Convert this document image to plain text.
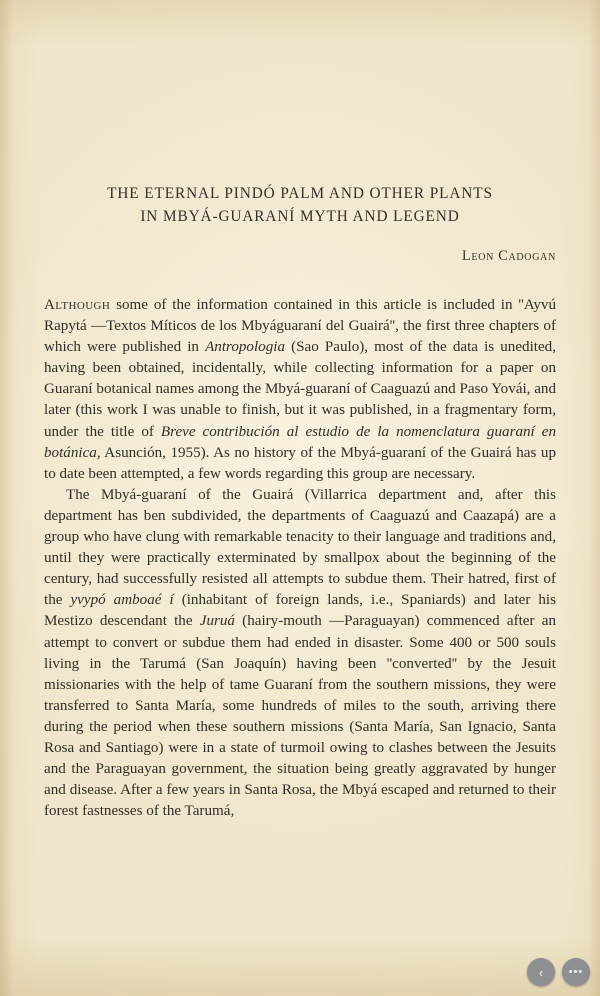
THE ETERNAL PINDÓ PALM AND OTHER PLANTS
IN MBYÁ-GUARANÍ MYTH AND LEGEND
Leon Cadogan

Although some of the information contained in this article is included in ''Ayvú Rapytá —Textos Míticos de los Mbyáguaraní del Guairá'', the first three chapters of which were published in Antropologia (Sao Paulo), most of the data is unedited, having been obtained, incidentally, while collecting information for a paper on Guaraní botanical names among the Mbyá-guaraní of Caaguazú and Paso Yovái, and later (this work I was unable to finish, but it was published, in a fragmentary form, under the title of Breve contribución al estudio de la nomenclatura guaraní en botánica, Asunción, 1955). As no history of the Mbyá-guaraní of the Guairá has up to date been attempted, a few words regarding this group are necessary.

The Mbyá-guaraní of the Guairá (Villarrica department and, after this department has ben subdivided, the departments of Caaguazú and Caazapá) are a group who have clung with remarkable tenacity to their language and traditions and, until they were practically exterminated by smallpox about the beginning of the century, had successfully resisted all attempts to subdue them. Their hatred, first of the yvypó amboaé í (inhabitant of foreign lands, i.e., Spaniards) and later his Mestizo descendant the Juruá (hairy-mouth —Paraguayan) commenced after an attempt to convert or subdue them had ended in disaster. Some 400 or 500 souls living in the Tarumá (San Joaquín) having been ''converted'' by the Jesuit missionaries with the help of tame Guaraní from the southern missions, they were transferred to Santa María, some hundreds of miles to the south, arriving there during the period when these southern missions (Santa María, San Ignacio, Santa Rosa and Santiago) were in a state of turmoil owing to clashes between the Jesuits and the Paraguayan government, the situation being greatly aggravated by hunger and disease. After a few years in Santa Rosa, the Mbyá escaped and returned to their forest fastnesses of the Tarumá,

‹ •••
